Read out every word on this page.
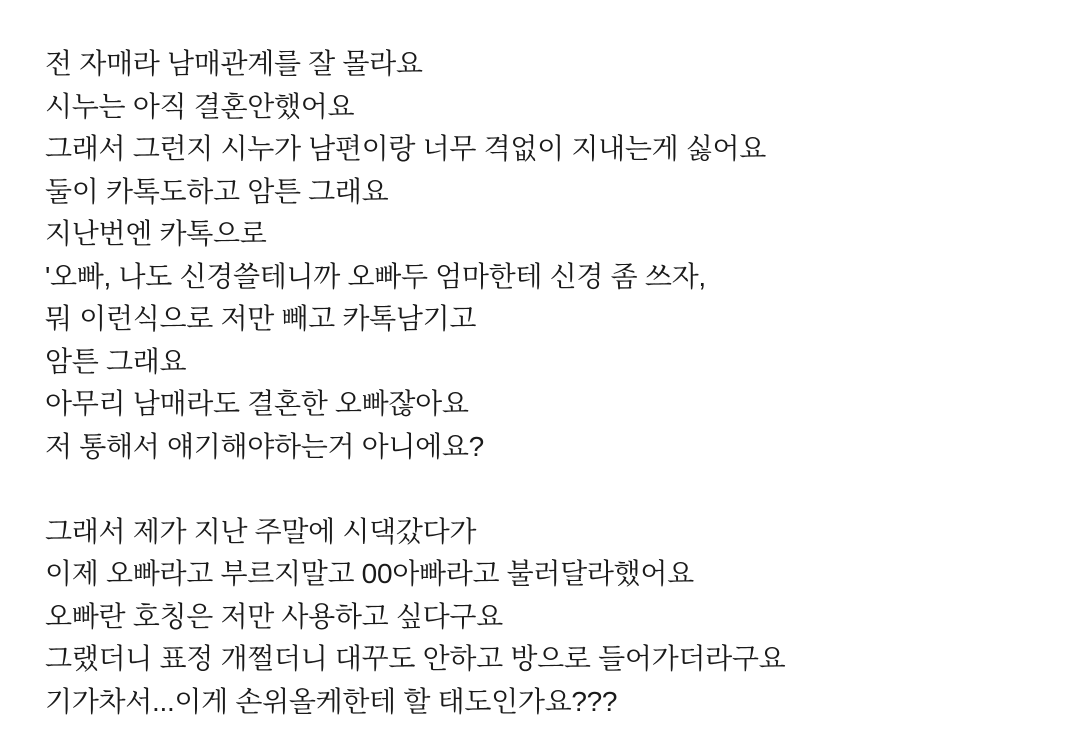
전 자매라 남매관계를 잘 몰라요
시누는 아직 결혼안했어요
그래서 그런지 시누가 남편이랑 너무 격없이 지내는게 싫어요
둘이 카톡도하고 암튼 그래요
지난번엔 카톡으로
'오빠, 나도 신경쓸테니까 오빠두 엄마한테 신경 좀 쓰자,
뭐 이런식으로 저만 빼고 카톡남기고
암튼 그래요
아무리 남매라도 결혼한 오빠잖아요
저 통해서 얘기해야하는거 아니에요?

그래서 제가 지난 주말에 시댁갔다가
이제 오빠라고 부르지말고 00아빠라고 불러달라했어요
오빠란 호칭은 저만 사용하고 싶다구요
그랬더니 표정 개쩔더니 대꾸도 안하고 방으로 들어가더라구요
기가차서...이게 손위올케한테 할 태도인가요???
